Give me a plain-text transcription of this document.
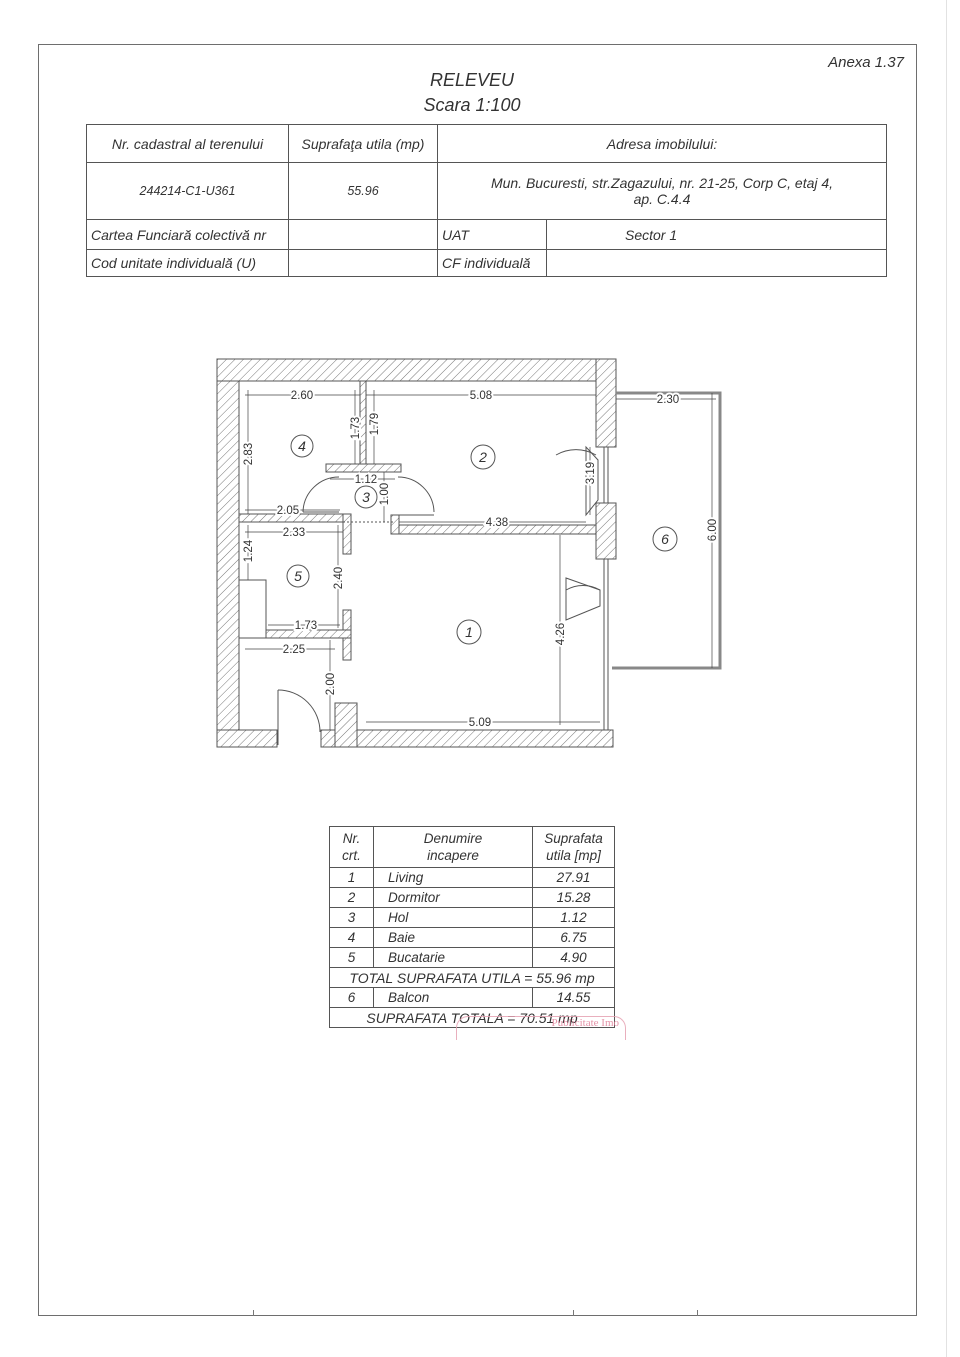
Anexa 1.37
RELEVEU
Scara 1:100
Nr. cadastral al terenului	Suprafaţa utila (mp)	Adresa imobilului:	
244214-C1-U361	55.96	Mun. Bucuresti, str.Zagazului, nr. 21-25, Corp C, etaj 4,
ap. C.4.4	

Cartea Funciară colectivă nr		UAT	Sector 1
Cod unitate individuală (U)		CF individuală	
2.60	5.08	2.30
1.12
2.05
2.33
4.38
1.73
2.25
5.09
2.83
1.73 1.79
1.00
3.19
6.00
1.24
2.40
2.00
4.26
4
2
3
5
1
6
Nr.
crt.

Denumire
incapere

Suprafata
utila [mp]

1	Living	27.91
2	Dormitor	15.28
3	Hol	1.12
4	Baie	6.75
5	Bucatarie	4.90
TOTAL SUPRAFATA UTILA = 55.96 mp		
6	Balcon	14.55
SUPRAFATA TOTALA = 70.51 mp		
Publicitate Imo
